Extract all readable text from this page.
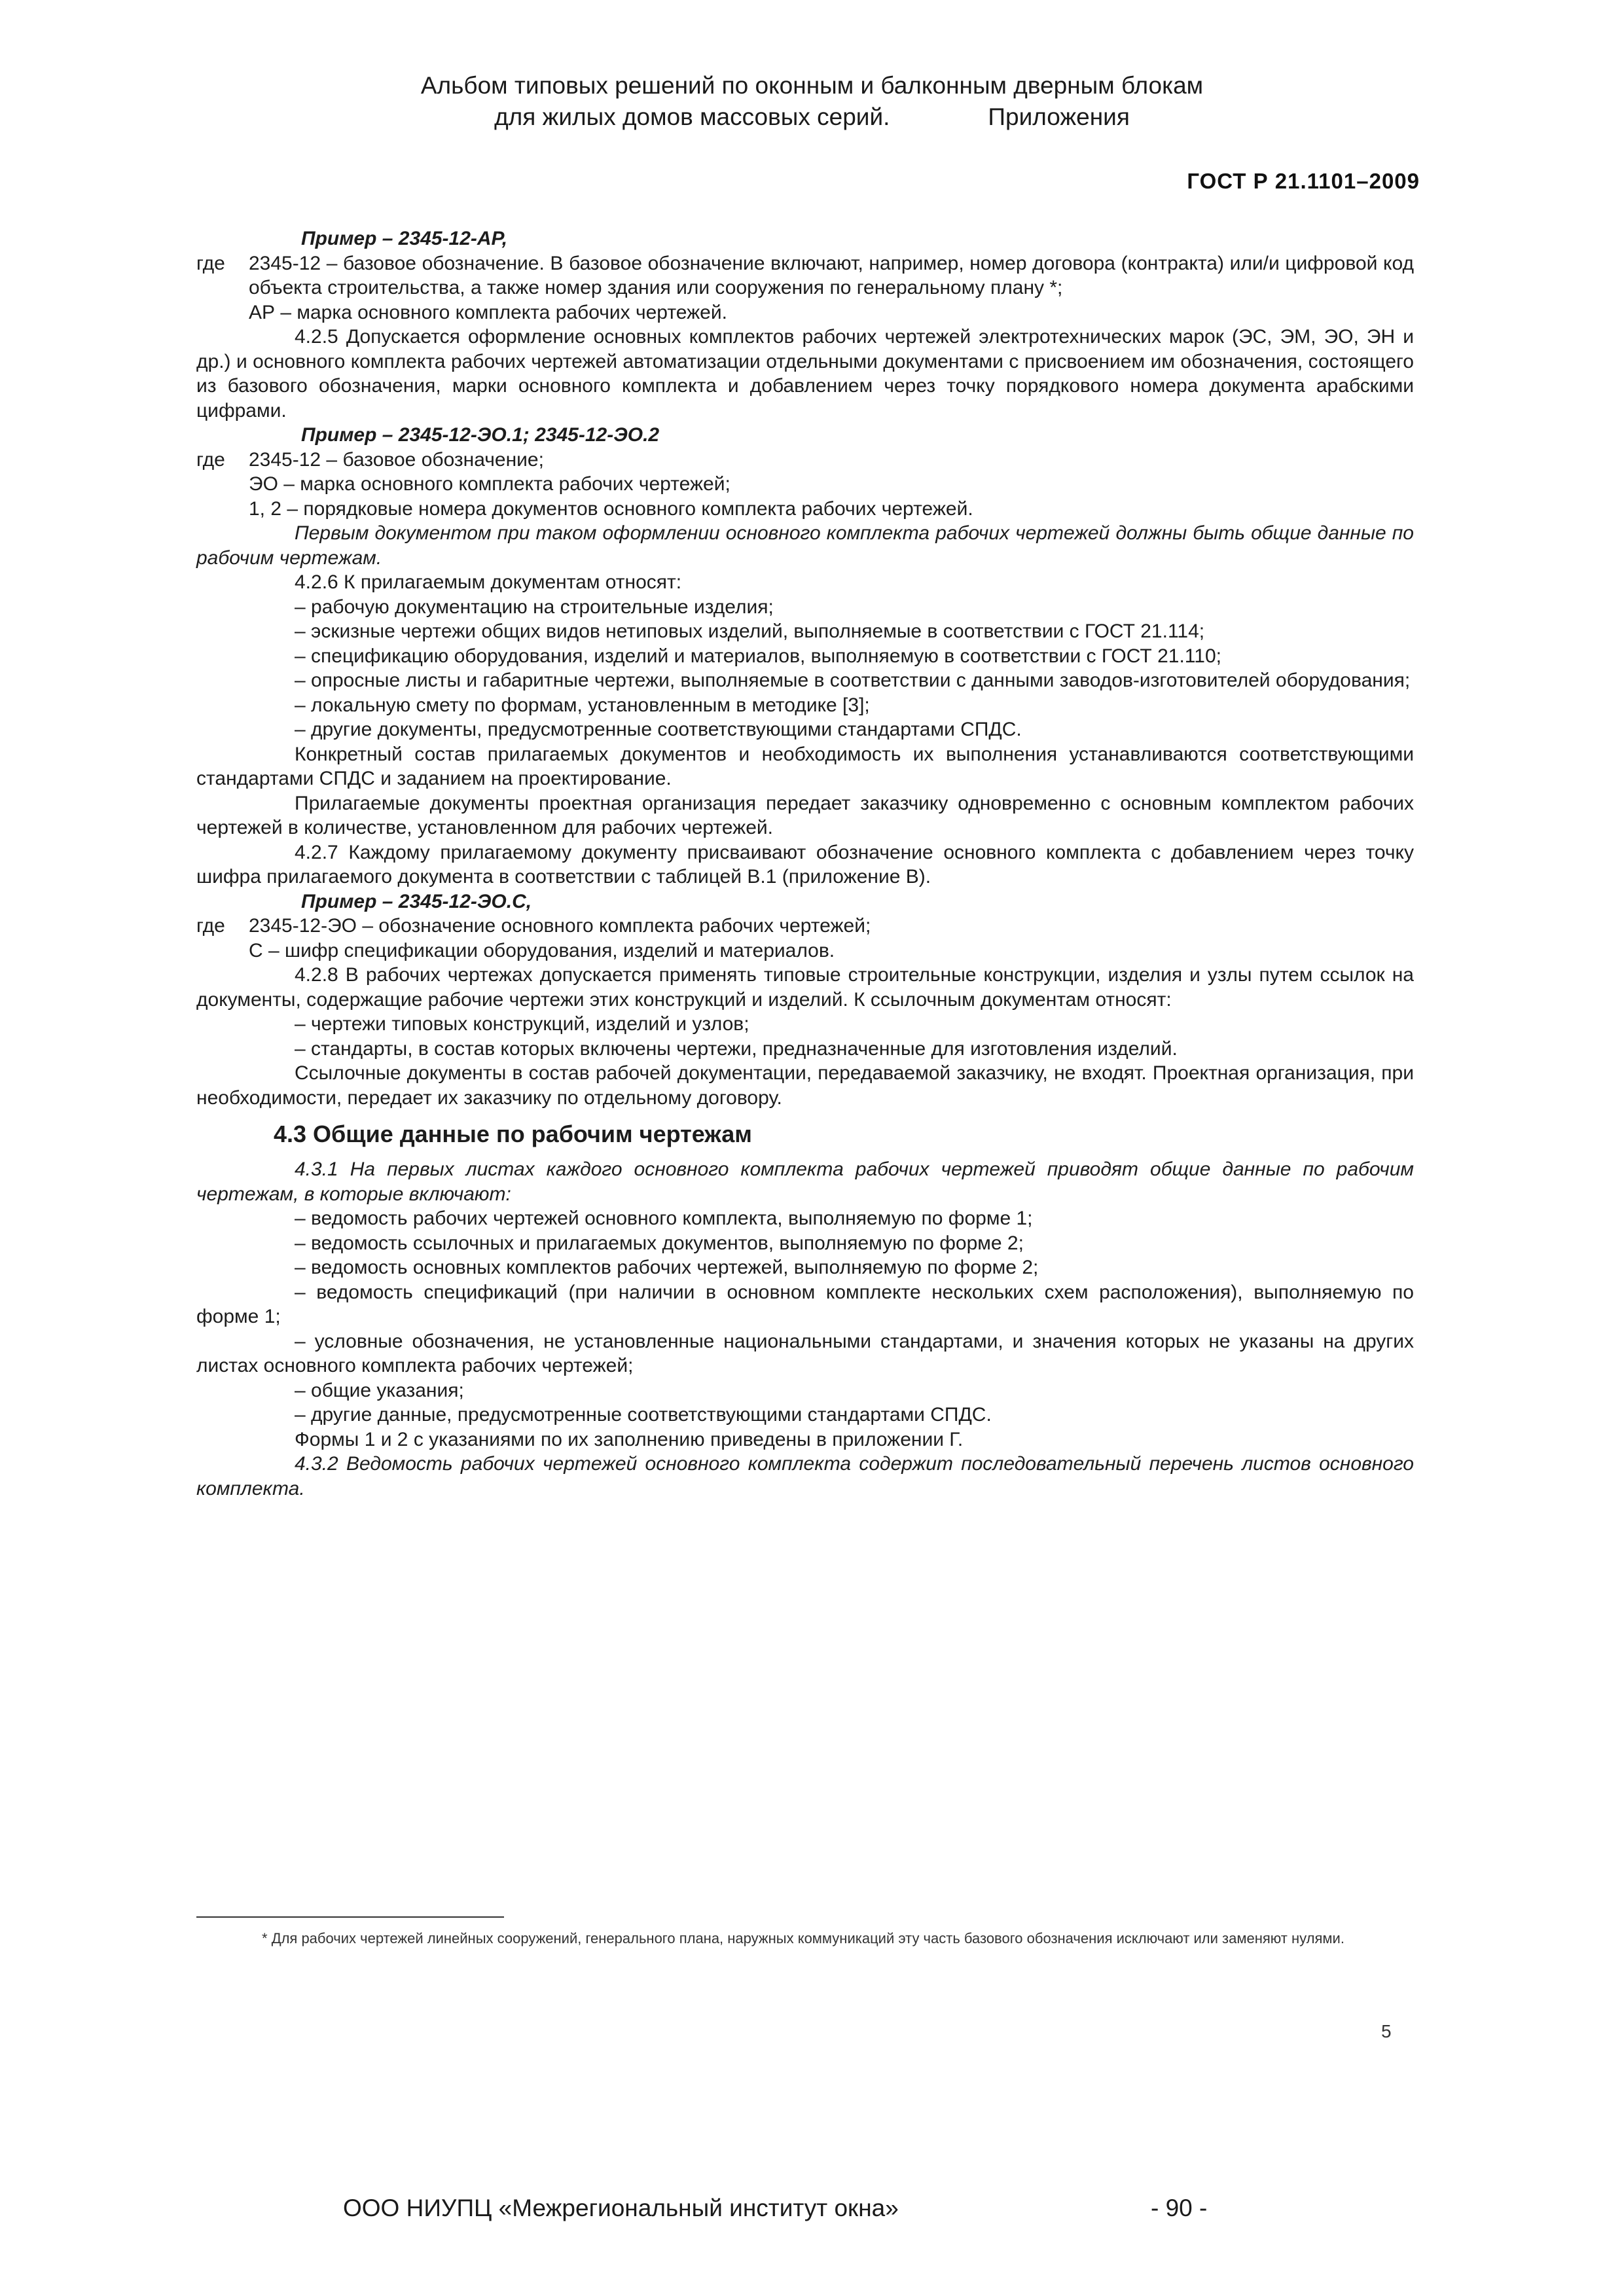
Альбом типовых решений по оконным и балконным дверным блокам
для жилых домов массовых серий.	Приложения
ГОСТ Р 21.1101–2009

Пример – 2345-12-АР,

где	2345-12 – базовое обозначение. В базовое обозначение включают, например, номер договора (контракта) или/и цифровой код объекта строительства, а также номер здания или сооружения по генеральному плану *;

АР – марка основного комплекта рабочих чертежей.

4.2.5 Допускается оформление основных комплектов рабочих чертежей электротехнических марок (ЭС, ЭМ, ЭО, ЭН и др.) и основного комплекта рабочих чертежей автоматизации отдельными документами с присвоением им обозначения, состоящего из базового обозначения, марки основного комплекта и добавлением через точку порядкового номера документа арабскими цифрами.

Пример – 2345-12-ЭО.1; 2345-12-ЭО.2

где	2345-12 – базовое обозначение;

ЭО – марка основного комплекта рабочих чертежей;

1, 2 – порядковые номера документов основного комплекта рабочих чертежей.

Первым документом при таком оформлении основного комплекта рабочих чертежей должны быть общие данные по рабочим чертежам.

4.2.6 К прилагаемым документам относят:

– рабочую документацию на строительные изделия;

– эскизные чертежи общих видов нетиповых изделий, выполняемые в соответствии с ГОСТ 21.114;

– спецификацию оборудования, изделий и материалов, выполняемую в соответствии с ГОСТ 21.110;

– опросные листы и габаритные чертежи, выполняемые в соответствии с данными заводов-изготовителей оборудования;

– локальную смету по формам, установленным в методике [3];

– другие документы, предусмотренные соответствующими стандартами СПДС.

Конкретный состав прилагаемых документов и необходимость их выполнения устанавливаются соответствующими стандартами СПДС и заданием на проектирование.

Прилагаемые документы проектная организация передает заказчику одновременно с основным комплектом рабочих чертежей в количестве, установленном для рабочих чертежей.

4.2.7 Каждому прилагаемому документу присваивают обозначение основного комплекта с добавлением через точку шифра прилагаемого документа в соответствии с таблицей В.1 (приложение В).

Пример – 2345-12-ЭО.С,

где	2345-12-ЭО – обозначение основного комплекта рабочих чертежей;

С – шифр спецификации оборудования, изделий и материалов.

4.2.8 В рабочих чертежах допускается применять типовые строительные конструкции, изделия и узлы путем ссылок на документы, содержащие рабочие чертежи этих конструкций и изделий. К ссылочным документам относят:

– чертежи типовых конструкций, изделий и узлов;

– стандарты, в состав которых включены чертежи, предназначенные для изготовления изделий.

Ссылочные документы в состав рабочей документации, передаваемой заказчику, не входят. Проектная организация, при необходимости, передает их заказчику по отдельному договору.

4.3 Общие данные по рабочим чертежам

4.3.1 На первых листах каждого основного комплекта рабочих чертежей приводят общие данные по рабочим чертежам, в которые включают:

– ведомость рабочих чертежей основного комплекта, выполняемую по форме 1;

– ведомость ссылочных и прилагаемых документов, выполняемую по форме 2;

– ведомость основных комплектов рабочих чертежей, выполняемую по форме 2;

– ведомость спецификаций (при наличии в основном комплекте нескольких схем расположения), выполняемую по форме 1;

– условные обозначения, не установленные национальными стандартами, и значения которых не указаны на других листах основного комплекта рабочих чертежей;

– общие указания;

– другие данные, предусмотренные соответствующими стандартами СПДС.

Формы 1 и 2 с указаниями по их заполнению приведены в приложении Г.

4.3.2 Ведомость рабочих чертежей основного комплекта содержит последовательный перечень листов основного комплекта.

* Для рабочих чертежей линейных сооружений, генерального плана, наружных коммуникаций эту часть базового обозначения исключают или заменяют нулями.
5
ООО НИУПЦ «Межрегиональный институт окна»	- 90 -
